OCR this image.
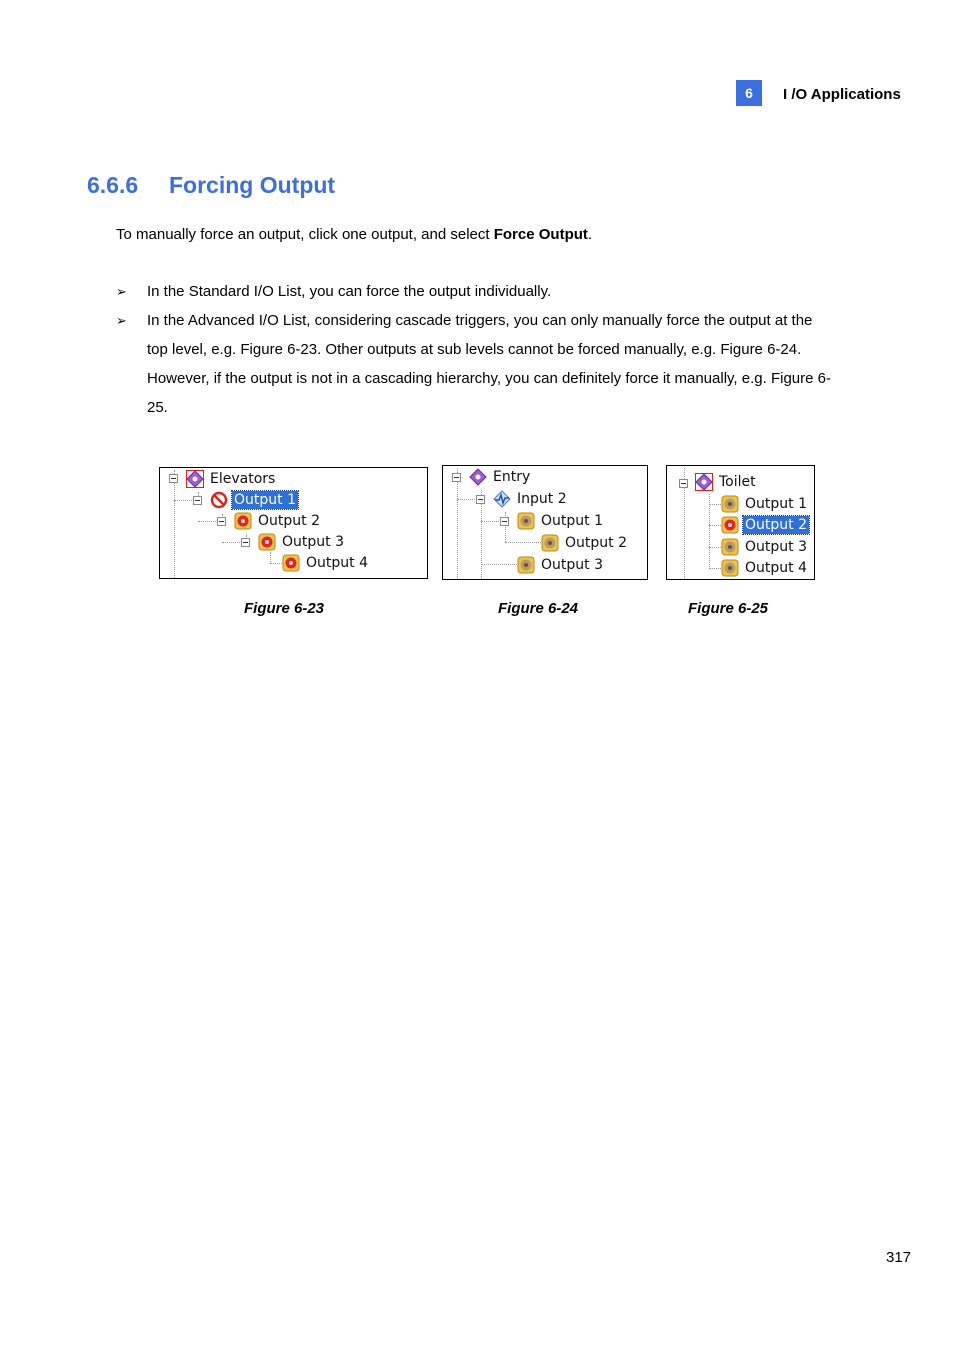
6	I /O Applications
6.6.6 Forcing Output
To manually force an output, click one output, and select Force Output.
➢ In the Standard I/O List, you can force the output individually.

➢ In the Advanced I/O List, considering cascade triggers, you can only manually force the output at the top level, e.g. Figure 6-23. Other outputs at sub levels cannot be forced manually, e.g. Figure 6-24.

However, if the output is not in a cascading hierarchy, you can definitely force it manually, e.g. Figure 6-25.

Elevators
Output 1
Output 2
Output 3
Output 4
Entry
Input 2
Output 1
Output 2
Output 3
Toilet
Output 1
Output 2
Output 3
Output 4
Figure 6-23	Figure 6-24	Figure 6-25
317
